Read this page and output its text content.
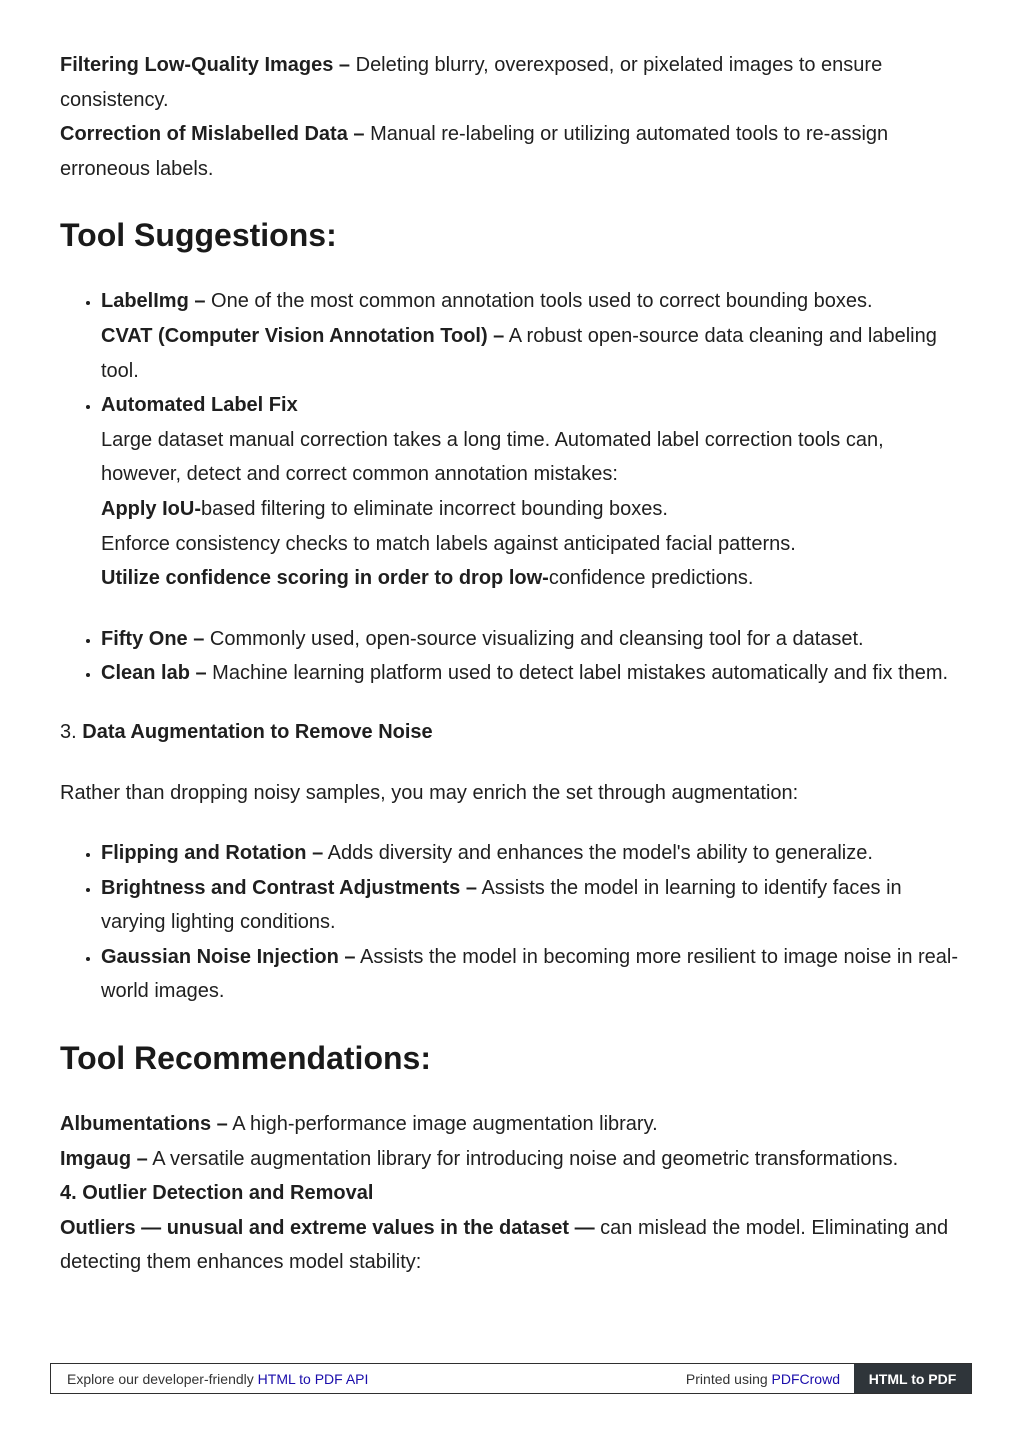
Filtering Low-Quality Images – Deleting blurry, overexposed, or pixelated images to ensure consistency.

Correction of Mislabelled Data – Manual re-labeling or utilizing automated tools to re-assign erroneous labels.

Tool Suggestions:
• LabelImg – One of the most common annotation tools used to correct bounding boxes.
CVAT (Computer Vision Annotation Tool) – A robust open-source data cleaning and labeling tool.
• Automated Label Fix
Large dataset manual correction takes a long time. Automated label correction tools can, however, detect and correct common annotation mistakes:
Apply IoU-based filtering to eliminate incorrect bounding boxes.
Enforce consistency checks to match labels against anticipated facial patterns.
Utilize confidence scoring in order to drop low-confidence predictions.
• Fifty One – Commonly used, open-source visualizing and cleansing tool for a dataset.
• Clean lab – Machine learning platform used to detect label mistakes automatically and fix them.

3. Data Augmentation to Remove Noise

Rather than dropping noisy samples, you may enrich the set through augmentation:

• Flipping and Rotation – Adds diversity and enhances the model's ability to generalize.
• Brightness and Contrast Adjustments – Assists the model in learning to identify faces in varying lighting conditions.
• Gaussian Noise Injection – Assists the model in becoming more resilient to image noise in real-world images.
Tool Recommendations:

Albumentations – A high-performance image augmentation library.

Imgaug – A versatile augmentation library for introducing noise and geometric transformations.

4. Outlier Detection and Removal

Outliers — unusual and extreme values in the dataset — can mislead the model. Eliminating and detecting them enhances model stability:

Explore our developer-friendly HTML to PDF API	Printed using PDFCrowd	HTML to PDF
